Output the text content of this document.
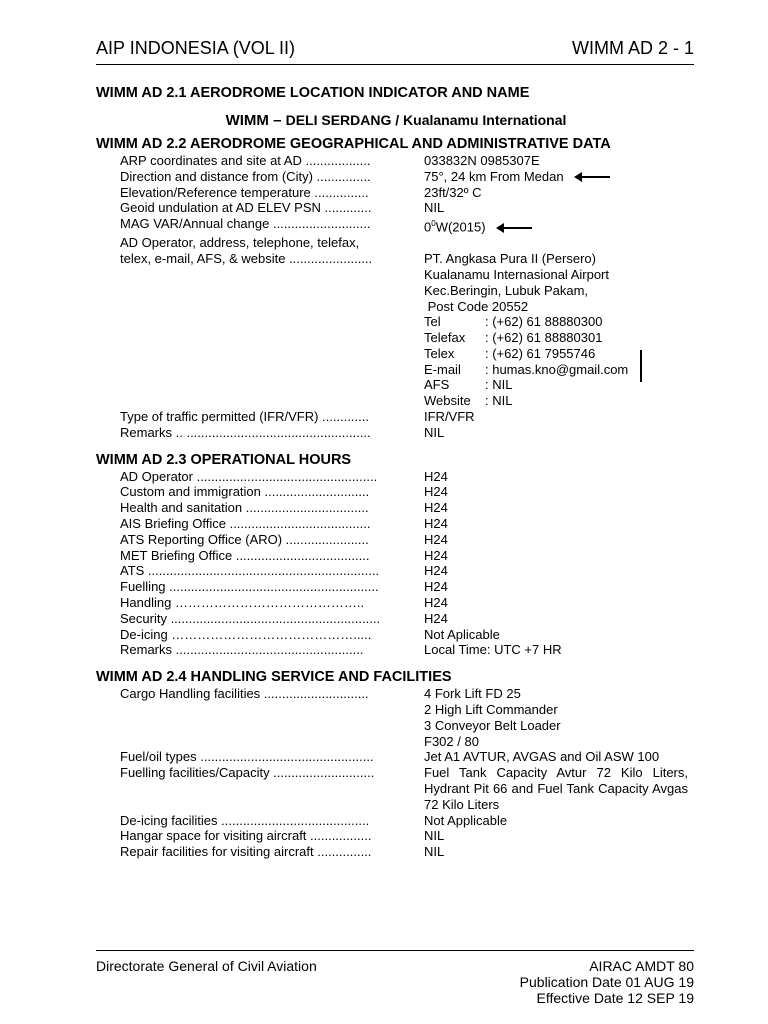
AIP INDONESIA (VOL II)	WIMM AD 2 - 1
WIMM AD 2.1 AERODROME LOCATION INDICATOR AND NAME
WIMM – DELI SERDANG / Kualanamu International
WIMM AD 2.2 AERODROME GEOGRAPHICAL AND ADMINISTRATIVE DATA
ARP coordinates and site at AD ..................	033832N 0985307E
Direction and distance from (City) ...............	75°, 24 km From Medan
Elevation/Reference temperature ...............	23ft/32º C
Geoid undulation at AD ELEV PSN .............	NIL
MAG VAR/Annual change ...........................	$0^0W(2015)$
AD Operator, address, telephone, telefax,
telex, e-mail, AFS, & website .......................	PT. Angkasa Pura II (Persero)
Kualanamu Internasional Airport
Kec.Beringin, Lubuk Pakam,
Post Code 20552
Tel	: (+62) 61 88880300
Telefax : (+62) 61 88880301
Telex : (+62) 61 7955746
E-mail : humas.kno@gmail.com
AFS	: NIL
Website : NIL
Type of traffic permitted (IFR/VFR) .............	IFR/VFR
Remarks .. ...................................................	NIL
WIMM AD 2.3 OPERATIONAL HOURS
AD Operator ..................................................	H24
Custom and immigration .............................	H24
Health and sanitation ..................................	H24
AIS Briefing Office .......................................	H24
ATS Reporting Office (ARO) .......................	H24
MET Briefing Office .....................................	H24
ATS ................................................................	H24
Fuelling ..........................................................	H24
Handling ……………………………………..	H24
Security ..........................................................	H24
De-icing …………………………………….....	Not Aplicable
Remarks ....................................................	Local Time: UTC +7 HR
WIMM AD 2.4 HANDLING SERVICE AND FACILITIES
Cargo Handling facilities .............................	4 Fork Lift FD 25
2 High Lift Commander
3 Conveyor Belt Loader
F302 / 80
Fuel/oil types ................................................	Jet A1 AVTUR, AVGAS and Oil ASW 100
Fuelling facilities/Capacity ............................	Fuel Tank Capacity Avtur 72 Kilo Liters, Hydrant Pit 66 and Fuel Tank Capacity Avgas 72 Kilo Liters
De-icing facilities .........................................	Not Applicable
Hangar space for visiting aircraft .................	NIL
Repair facilities for visiting aircraft ...............	NIL
Directorate General of Civil Aviation	AIRAC AMDT 80
Publication Date 01 AUG 19
Effective Date 12 SEP 19
